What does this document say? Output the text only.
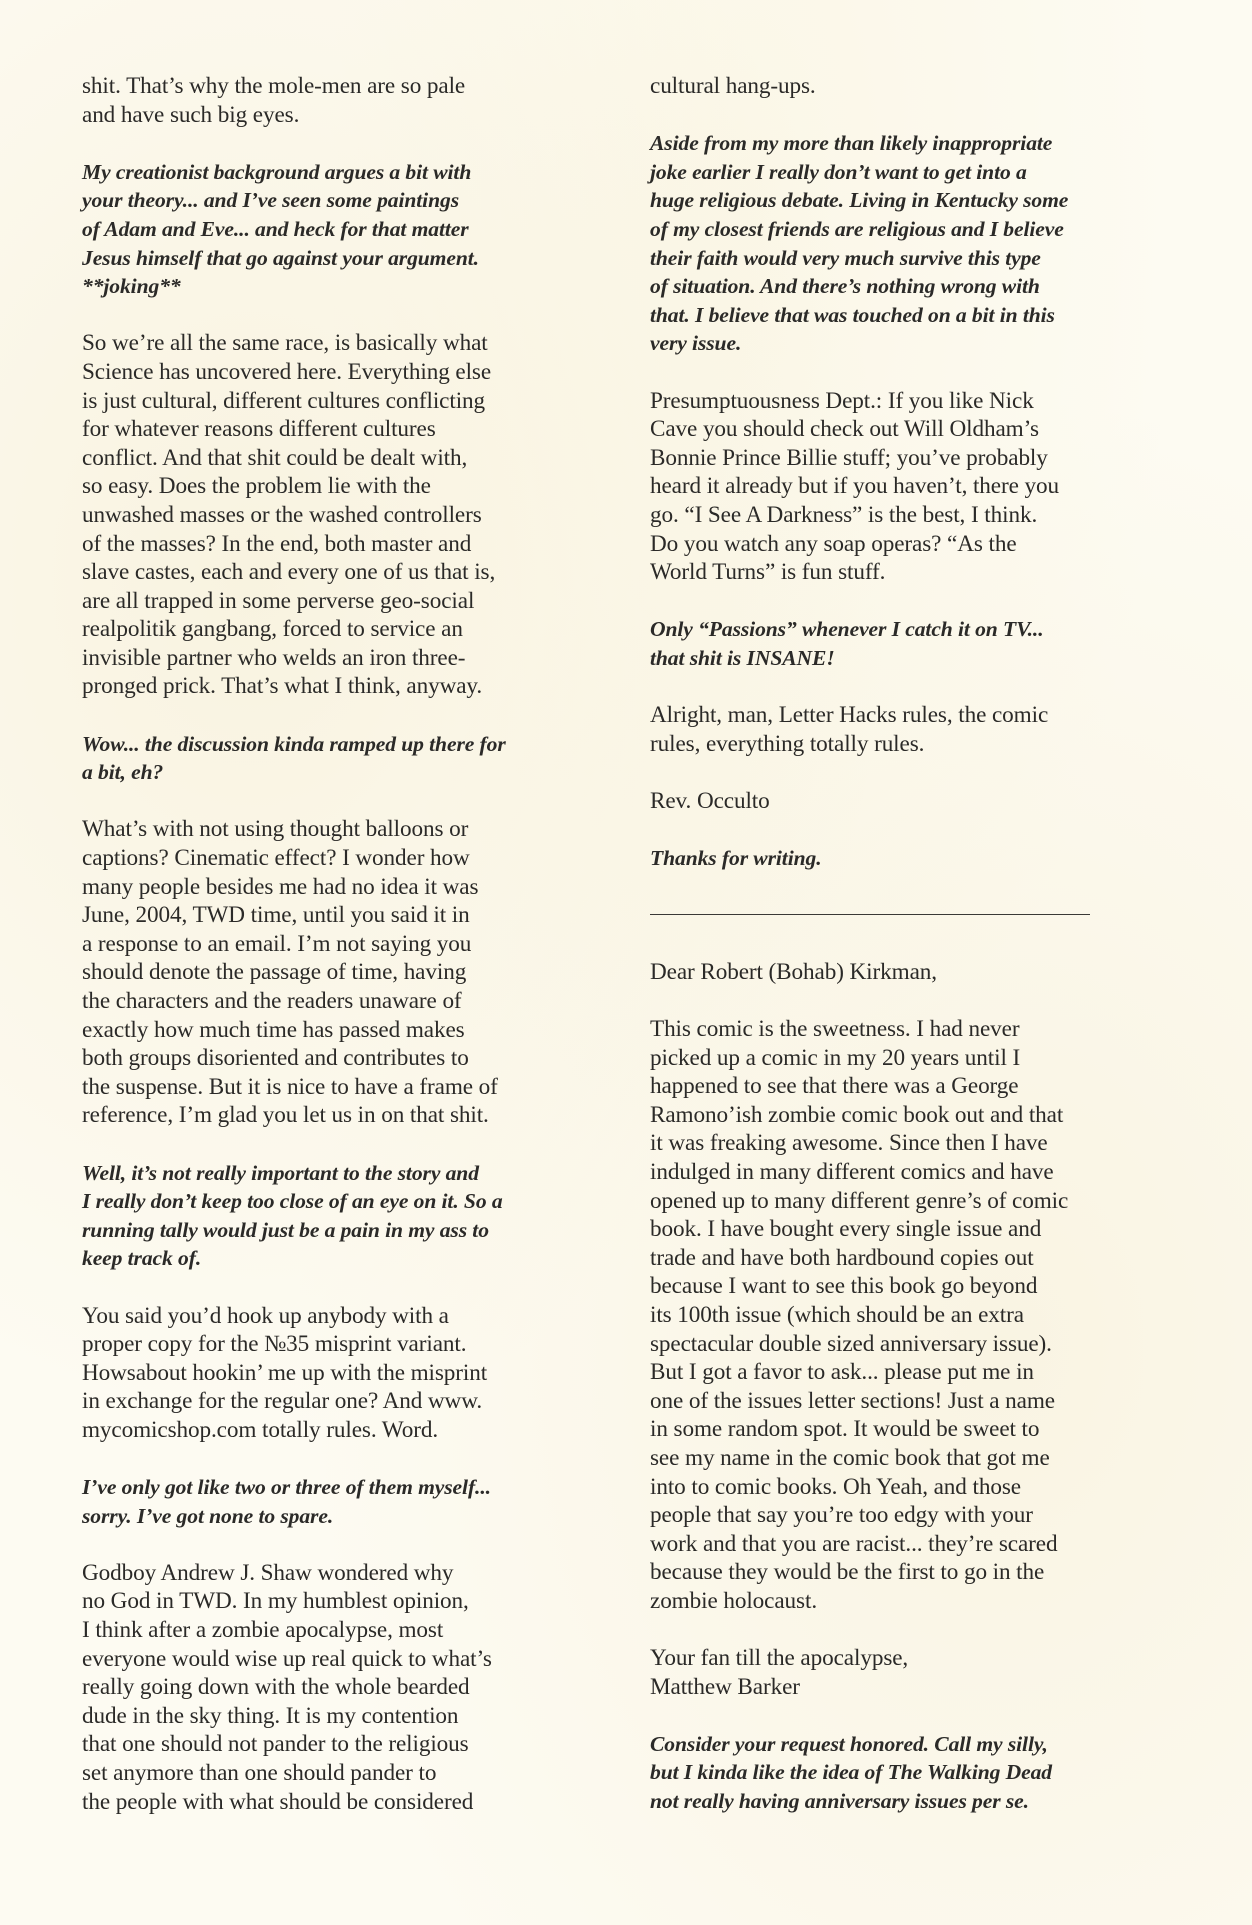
shit. That’s why the mole-men are so pale
and have such big eyes.

My creationist background argues a bit with
your theory... and I’ve seen some paintings
of Adam and Eve... and heck for that matter
Jesus himself that go against your argument.
**joking**

So we’re all the same race, is basically what
Science has uncovered here. Everything else
is just cultural, different cultures conflicting
for whatever reasons different cultures
conflict. And that shit could be dealt with,
so easy. Does the problem lie with the
unwashed masses or the washed controllers
of the masses? In the end, both master and
slave castes, each and every one of us that is,
are all trapped in some perverse geo-social
realpolitik gangbang, forced to service an
invisible partner who welds an iron three-
pronged prick. That’s what I think, anyway.

Wow... the discussion kinda ramped up there for
a bit, eh?

What’s with not using thought balloons or
captions? Cinematic effect? I wonder how
many people besides me had no idea it was
June, 2004, TWD time, until you said it in
a response to an email. I’m not saying you
should denote the passage of time, having
the characters and the readers unaware of
exactly how much time has passed makes
both groups disoriented and contributes to
the suspense. But it is nice to have a frame of
reference, I’m glad you let us in on that shit.

Well, it’s not really important to the story and
I really don’t keep too close of an eye on it. So a
running tally would just be a pain in my ass to
keep track of.

You said you’d hook up anybody with a
proper copy for the №35 misprint variant.
Howsabout hookin’ me up with the misprint
in exchange for the regular one? And www.
mycomicshop.com totally rules. Word.

I’ve only got like two or three of them myself...
sorry. I’ve got none to spare.

Godboy Andrew J. Shaw wondered why
no God in TWD. In my humblest opinion,
I think after a zombie apocalypse, most
everyone would wise up real quick to what’s
really going down with the whole bearded
dude in the sky thing. It is my contention
that one should not pander to the religious
set anymore than one should pander to
the people with what should be considered

cultural hang-ups.

Aside from my more than likely inappropriate
joke earlier I really don’t want to get into a
huge religious debate. Living in Kentucky some
of my closest friends are religious and I believe
their faith would very much survive this type
of situation. And there’s nothing wrong with
that. I believe that was touched on a bit in this
very issue.

Presumptuousness Dept.: If you like Nick
Cave you should check out Will Oldham’s
Bonnie Prince Billie stuff; you’ve probably
heard it already but if you haven’t, there you
go. “I See A Darkness” is the best, I think.
Do you watch any soap operas? “As the
World Turns” is fun stuff.

Only “Passions” whenever I catch it on TV...
that shit is INSANE!

Alright, man, Letter Hacks rules, the comic
rules, everything totally rules.

Rev. Occulto

Thanks for writing.

Dear Robert (Bohab) Kirkman,

This comic is the sweetness. I had never
picked up a comic in my 20 years until I
happened to see that there was a George
Ramono’ish zombie comic book out and that
it was freaking awesome. Since then I have
indulged in many different comics and have
opened up to many different genre’s of comic
book. I have bought every single issue and
trade and have both hardbound copies out
because I want to see this book go beyond
its 100th issue (which should be an extra
spectacular double sized anniversary issue).
But I got a favor to ask... please put me in
one of the issues letter sections! Just a name
in some random spot. It would be sweet to
see my name in the comic book that got me
into to comic books. Oh Yeah, and those
people that say you’re too edgy with your
work and that you are racist... they’re scared
because they would be the first to go in the
zombie holocaust.

Your fan till the apocalypse,
Matthew Barker

Consider your request honored. Call my silly,
but I kinda like the idea of The Walking Dead
not really having anniversary issues per se.
